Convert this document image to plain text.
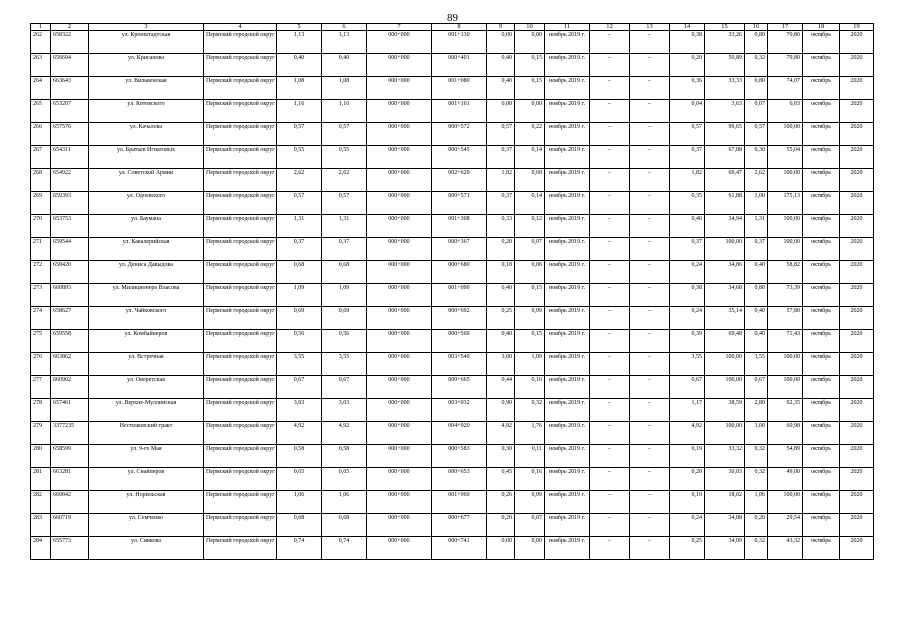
89
1	2	3	4	5	6	7	8	9	10	11	12	13	14	15	16	17	18	19
262	658322	ул. Кронштадтская	Пермский городской округ	1,13	1,13	000+000	001+130	0,00	0,00	ноябрь 2019 г.	–	–	0,38	33,26	0,80	70,80	октябрь	2020
263	656694	ул. Крисанова	Пермский городской округ	0,40	0,40	000+000	000+401	0,40	0,15	ноябрь 2019 г.	–	–	0,20	50,89	0,32	79,80	октябрь	2020
264	663643	ул. Вильвенская	Пермский городской округ	1,08	1,08	000+000	001+080	0,40	0,15	ноябрь 2019 г.	–	–	0,36	33,33	0,80	74,07	октябрь	2020
265	653207	ул. Котовского	Пермский городской округ	1,16	1,16	000+000	001+161	0,00	0,00	ноябрь 2019 г.	–	–	0,04	3,63	0,07	6,03	октябрь	2020
266	657576	ул. Качалова	Пермский городской округ	0,57	0,57	000+000	000+572	0,57	0,22	ноябрь 2019 г.	–	–	0,57	99,65	0,57	100,00	октябрь	2020
267	654311	ул. Братьев Игнатовых	Пермский городской округ	0,55	0,55	000+000	000+545	0,37	0,14	ноябрь 2019 г.	–	–	0,37	67,88	0,30	55,04	октябрь	2020
268	654922	ул. Советской Армии	Пермский городской округ	2,62	2,62	000+000	002+620	1,82	0,68	ноябрь 2019 г.	–	–	1,82	69,47	2,62	100,00	октябрь	2020
269	659393	ул. Одоевского	Пермский городской округ	0,57	0,57	000+000	000+571	0,37	0,14	ноябрь 2019 г.	–	–	0,35	61,88	1,00	175,13	октябрь	2020
270	653753	ул. Баумана	Пермский городской округ	1,31	1,31	000+000	001+308	0,33	0,12	ноябрь 2019 г.	–	–	0,46	34,94	1,31	100,00	октябрь	2020
271	659544	ул. Кавалерийская	Пермский городской округ	0,37	0,37	000+000	000+367	0,20	0,07	ноябрь 2019 г.	–	–	0,37	100,00	0,37	100,00	октябрь	2020
272	658420	ул. Дениса Давыдова	Пермский городской округ	0,68	0,68	000+000	000+680	0,18	0,06	ноябрь 2019 г.	–	–	0,24	34,86	0,40	58,82	октябрь	2020
273	660893	ул. Милиционера Власова	Пермский городской округ	1,09	1,09	000+000	001+090	0,40	0,15	ноябрь 2019 г.	–	–	0,38	34,68	0,80	73,39	октябрь	2020
274	658627	ул. Чайковского	Пермский городской округ	0,69	0,69	000+000	000+692	0,25	0,09	ноябрь 2019 г.	–	–	0,24	35,14	0,40	57,80	октябрь	2020
275	659558	ул. Комбайнеров	Пермский городской округ	0,56	0,56	000+000	000+560	0,40	0,15	ноябрь 2019 г.	–	–	0,39	69,48	0,40	71,43	октябрь	2020
276	663862	ул. Встречная	Пермский городской округ	3,55	3,55	000+000	003+549	3,00	1,09	ноябрь 2019 г.	–	–	3,55	100,00	3,55	100,00	октябрь	2020
277	660902	ул. Оверетская	Пермский городской округ	0,67	0,67	000+000	000+665	0,44	0,16	ноябрь 2019 г.	–	–	0,67	100,00	0,67	100,00	октябрь	2020
278	657461	ул. Верхне-Муллинская	Пермский городской округ	3,03	3,03	000+000	003+032	0,90	0,32	ноябрь 2019 г.	–	–	1,17	38,59	2,80	92,35	октябрь	2020
279	3377235	Нестюковский тракт	Пермский городской округ	4,92	4,92	000+000	004+920	4,92	1,76	ноябрь 2019 г.	–	–	4,92	100,00	3,00	60,98	октябрь	2020
280	658599	ул. 9-го Мая	Пермский городской округ	0,58	0,58	000+000	000+583	0,30	0,11	ноябрь 2019 г.	–	–	0,19	33,32	0,32	54,89	октябрь	2020
281	663281	ул. Снайперов	Пермский городской округ	0,65	0,65	000+000	000+653	0,45	0,16	ноябрь 2019 г.	–	–	0,20	30,03	0,32	49,00	октябрь	2020
282	660842	ул. Норильская	Пермский городской округ	1,06	1,06	000+000	001+060	0,26	0,09	ноябрь 2019 г.	–	–	0,19	18,02	1,06	100,00	октябрь	2020
283	660719	ул. Семченко	Пермский городской округ	0,68	0,68	000+000	000+677	0,20	0,07	ноябрь 2019 г.	–	–	0,24	34,88	0,20	29,54	октябрь	2020
284	655773	ул. Сивкова	Пермский городской округ	0,74	0,74	000+000	000+741	0,00	0,00	ноябрь 2019 г.	–	–	0,25	34,09	0,32	43,32	октябрь	2020
